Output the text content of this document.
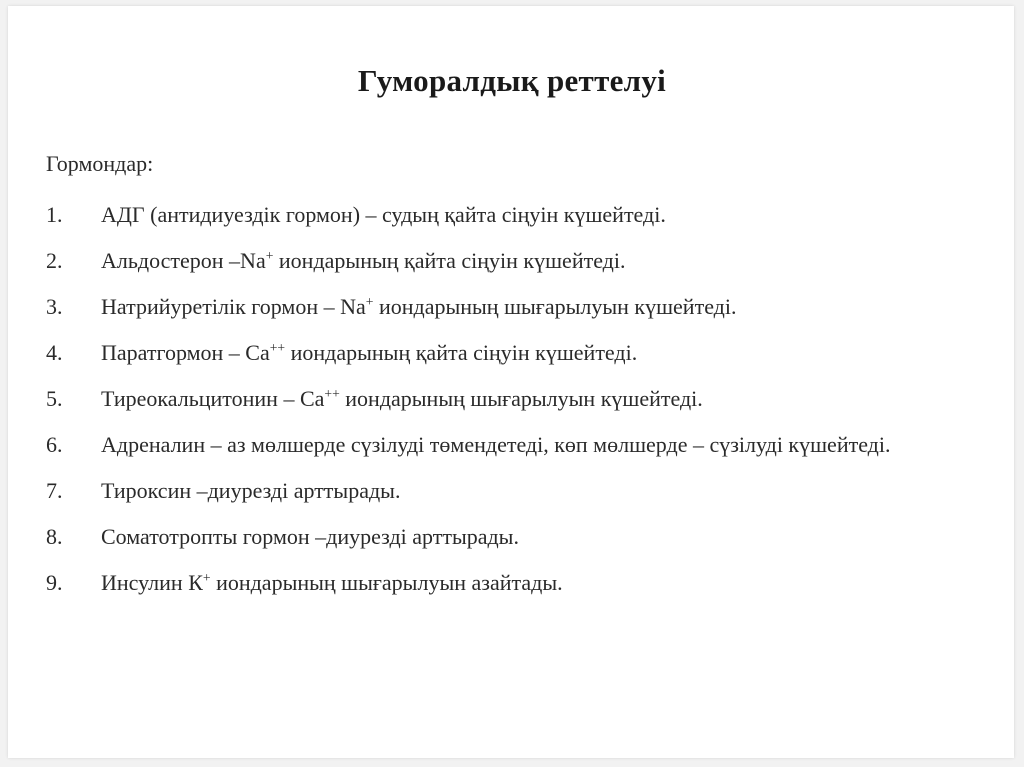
Гуморалдық реттелуі
Гормондар:
1.	АДГ (антидиуездік гормон) – судың қайта сіңуін күшейтеді.
2.	Альдостерон –Na+ иондарының қайта сіңуін күшейтеді.
3.	Натрийуретілік гормон – Na+ иондарының шығарылуын күшейтеді.
4.	Паратгормон – Ca++ иондарының қайта сіңуін күшейтеді.
5.	Тиреокальцитонин – Ca++ иондарының шығарылуын күшейтеді.
6.	Адреналин – аз мөлшерде сүзілуді төмендетеді, көп мөлшерде – сүзілуді күшейтеді.
7.	Тироксин –диурезді арттырады.
8.	Соматотропты гормон –диурезді арттырады.
9.	Инсулин К+ иондарының шығарылуын азайтады.
